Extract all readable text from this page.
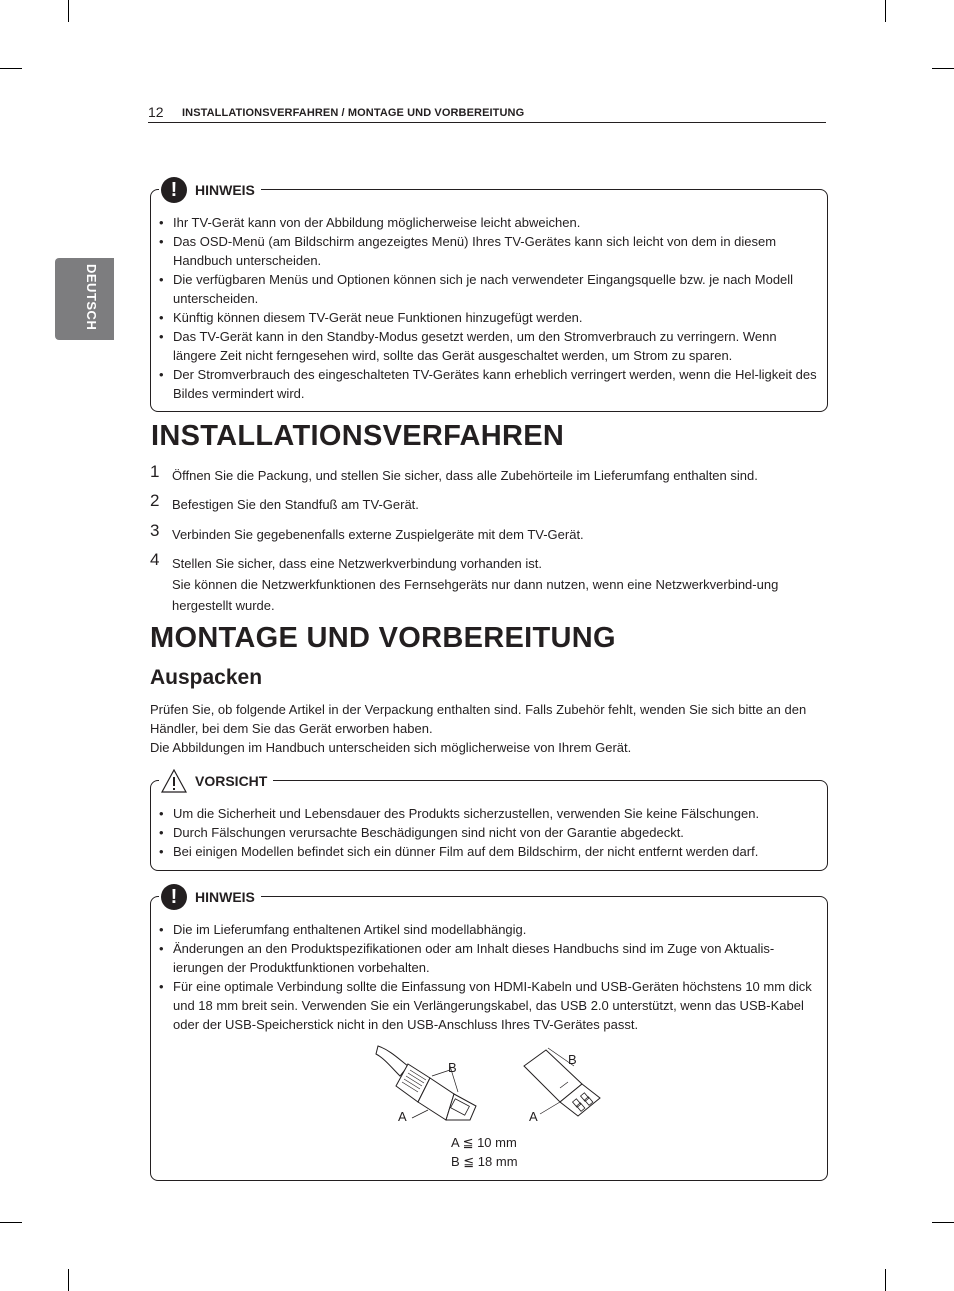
12 INSTALLATIONSVERFAHREN / MONTAGE UND VORBEREITUNG
DEUTSCH
!	HINWEIS
• Ihr TV-Gerät kann von der Abbildung möglicherweise leicht abweichen.
• Das OSD-Menü (am Bildschirm angezeigtes Menü) Ihres TV-Gerätes kann sich leicht von dem in diesem Handbuch unterscheiden.
• Die verfügbaren Menüs und Optionen können sich je nach verwendeter Eingangsquelle bzw. je nach Modell unterscheiden.
• Künftig können diesem TV-Gerät neue Funktionen hinzugefügt werden.
• Das TV-Gerät kann in den Standby-Modus gesetzt werden, um den Stromverbrauch zu verringern. Wenn längere Zeit nicht ferngesehen wird, sollte das Gerät ausgeschaltet werden, um Strom zu sparen.
• Der Stromverbrauch des eingeschalteten TV-Gerätes kann erheblich verringert werden, wenn die Hel-ligkeit des Bildes vermindert wird.
INSTALLATIONSVERFAHREN
1 Öffnen Sie die Packung, und stellen Sie sicher, dass alle Zubehörteile im Lieferumfang enthalten sind.
2 Befestigen Sie den Standfuß am TV-Gerät.
3 Verbinden Sie gegebenenfalls externe Zuspielgeräte mit dem TV-Gerät.
4 Stellen Sie sicher, dass eine Netzwerkverbindung vorhanden ist.
Sie können die Netzwerkfunktionen des Fernsehgeräts nur dann nutzen, wenn eine Netzwerkverbind-ung hergestellt wurde.
MONTAGE UND VORBEREITUNG
Auspacken
Prüfen Sie, ob folgende Artikel in der Verpackung enthalten sind. Falls Zubehör fehlt, wenden Sie sich bitte an den Händler, bei dem Sie das Gerät erworben haben.
Die Abbildungen im Handbuch unterscheiden sich möglicherweise von Ihrem Gerät.
VORSICHT
• Um die Sicherheit und Lebensdauer des Produkts sicherzustellen, verwenden Sie keine Fälschungen.
• Durch Fälschungen verursachte Beschädigungen sind nicht von der Garantie abgedeckt.
• Bei einigen Modellen befindet sich ein dünner Film auf dem Bildschirm, der nicht entfernt werden darf.
!	HINWEIS
• Die im Lieferumfang enthaltenen Artikel sind modellabhängig.
• Änderungen an den Produktspezifikationen oder am Inhalt dieses Handbuchs sind im Zuge von Aktualis-ierungen der Produktfunktionen vorbehalten.
• Für eine optimale Verbindung sollte die Einfassung von HDMI-Kabeln und USB-Geräten höchstens 10 mm dick und 18 mm breit sein. Verwenden Sie ein Verlängerungskabel, das USB 2.0 unterstützt, wenn das USB-Kabel oder der USB-Speicherstick nicht in den USB-Anschluss Ihres TV-Gerätes passt.
B
A
B
A
A ≦ 10 mm
B ≦ 18 mm
